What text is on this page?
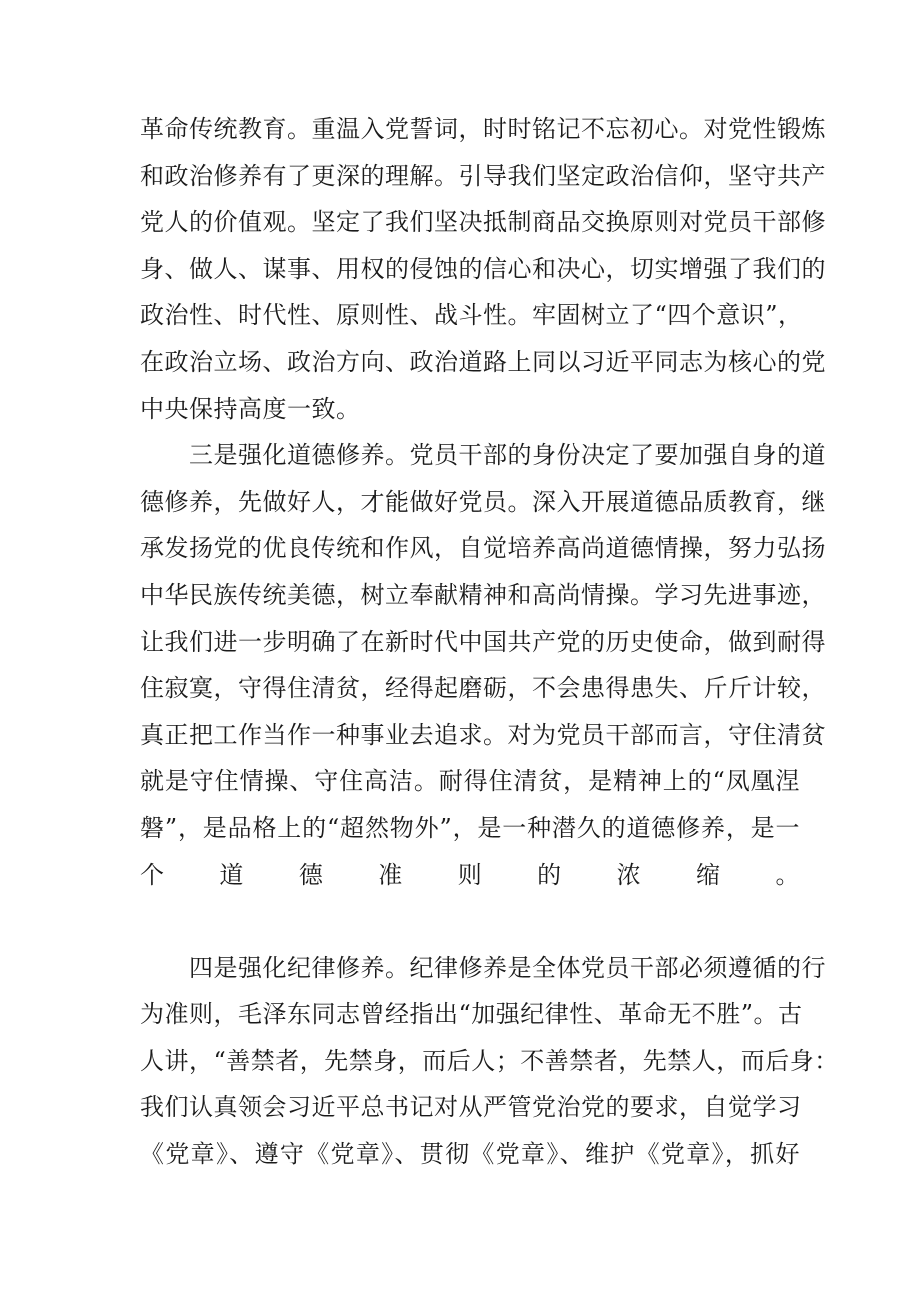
革命传统教育。重温入党誓词，时时铭记不忘初心。对党性锻炼
和政治修养有了更深的理解。引导我们坚定政治信仰，坚守共产
党人的价值观。坚定了我们坚决抵制商品交换原则对党员干部修
身、做人、谋事、用权的侵蚀的信心和决心，切实增强了我们的
政治性、时代性、原则性、战斗性。牢固树立了“四个意识”，
在政治立场、政治方向、政治道路上同以习近平同志为核心的党
中央保持高度一致。
　　三是强化道德修养。党员干部的身份决定了要加强自身的道
德修养，先做好人，才能做好党员。深入开展道德品质教育，继
承发扬党的优良传统和作风，自觉培养高尚道德情操，努力弘扬
中华民族传统美德，树立奉献精神和高尚情操。学习先进事迹，
让我们进一步明确了在新时代中国共产党的历史使命，做到耐得
住寂寞，守得住清贫，经得起磨砺，不会患得患失、斤斤计较，
真正把工作当作一种事业去追求。对为党员干部而言，守住清贫
就是守住情操、守住高洁。耐得住清贫，是精神上的“凤凰涅
磐”，是品格上的“超然物外”，是一种潜久的道德修养，是一
个道德准则的浓缩。
　　四是强化纪律修养。纪律修养是全体党员干部必须遵循的行
为准则，毛泽东同志曾经指出“加强纪律性、革命无不胜”。古
人讲，“善禁者，先禁身，而后人；不善禁者，先禁人，而后身：
我们认真领会习近平总书记对从严管党治党的要求，自觉学习
《党章》、遵守《党章》、贯彻《党章》、维护《党章》，抓好
